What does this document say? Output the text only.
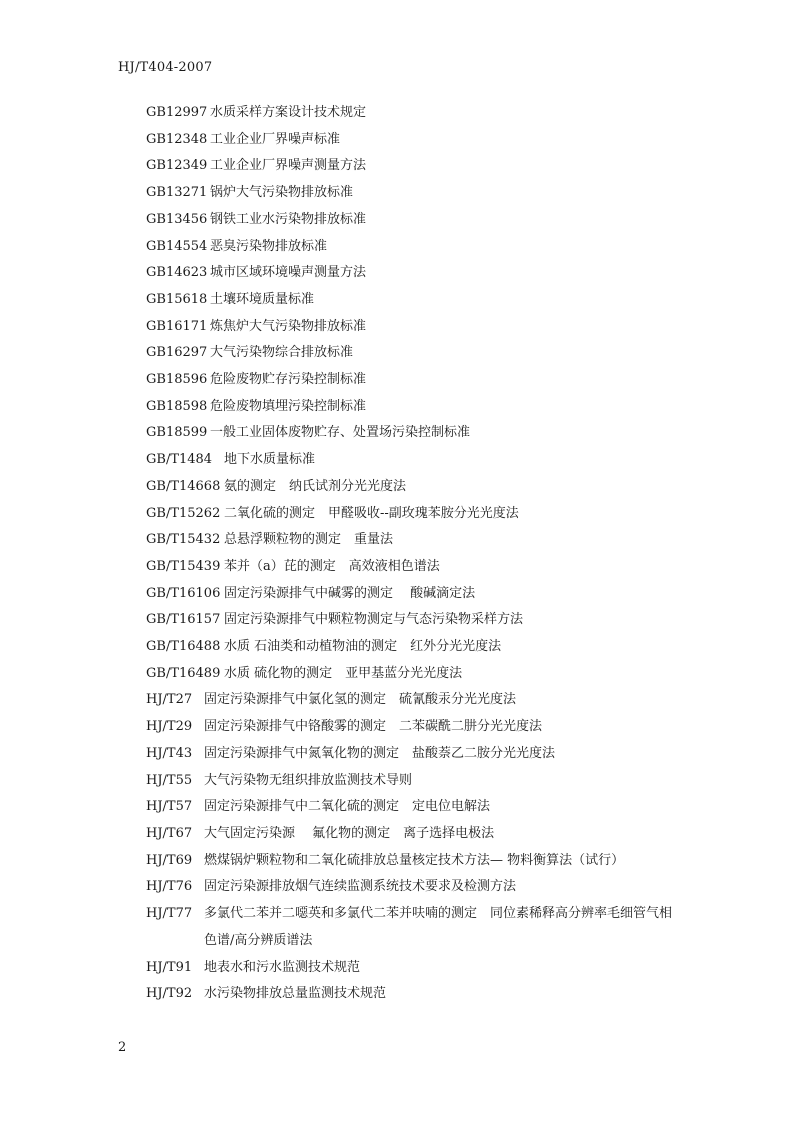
HJ/T404-2007
GB12997 水质采样方案设计技术规定
GB12348 工业企业厂界噪声标准
GB12349 工业企业厂界噪声测量方法
GB13271 锅炉大气污染物排放标准
GB13456 钢铁工业水污染物排放标准
GB14554 恶臭污染物排放标准
GB14623 城市区域环境噪声测量方法
GB15618 土壤环境质量标准
GB16171 炼焦炉大气污染物排放标准
GB16297 大气污染物综合排放标准
GB18596 危险废物贮存污染控制标准
GB18598 危险废物填埋污染控制标准
GB18599 一般工业固体废物贮存、处置场污染控制标准
GB/T1484 地下水质量标准
GB/T14668 氨的测定　纳氏试剂分光光度法
GB/T15262 二氧化硫的测定　甲醛吸收--副玫瑰苯胺分光光度法
GB/T15432 总悬浮颗粒物的测定　重量法
GB/T15439 苯并（a）芘的测定　高效液相色谱法
GB/T16106 固定污染源排气中碱雾的测定　 酸碱滴定法
GB/T16157 固定污染源排气中颗粒物测定与气态污染物采样方法
GB/T16488 水质 石油类和动植物油的测定　红外分光光度法
GB/T16489 水质 硫化物的测定　亚甲基蓝分光光度法
HJ/T27 固定污染源排气中氯化氢的测定　硫氰酸汞分光光度法
HJ/T29 固定污染源排气中铬酸雾的测定　二苯碳酰二肼分光光度法
HJ/T43 固定污染源排气中氮氧化物的测定　盐酸萘乙二胺分光光度法
HJ/T55 大气污染物无组织排放监测技术导则
HJ/T57 固定污染源排气中二氧化硫的测定　定电位电解法
HJ/T67 大气固定污染源　 氟化物的测定　离子选择电极法
HJ/T69 燃煤锅炉颗粒物和二氧化硫排放总量核定技术方法— 物料衡算法（试行）
HJ/T76 固定污染源排放烟气连续监测系统技术要求及检测方法
HJ/T77 多氯代二苯并二噁英和多氯代二苯并呋喃的测定　同位素稀释高分辨率毛细管气相色谱/高分辨质谱法
HJ/T91 地表水和污水监测技术规范
HJ/T92 水污染物排放总量监测技术规范
2
